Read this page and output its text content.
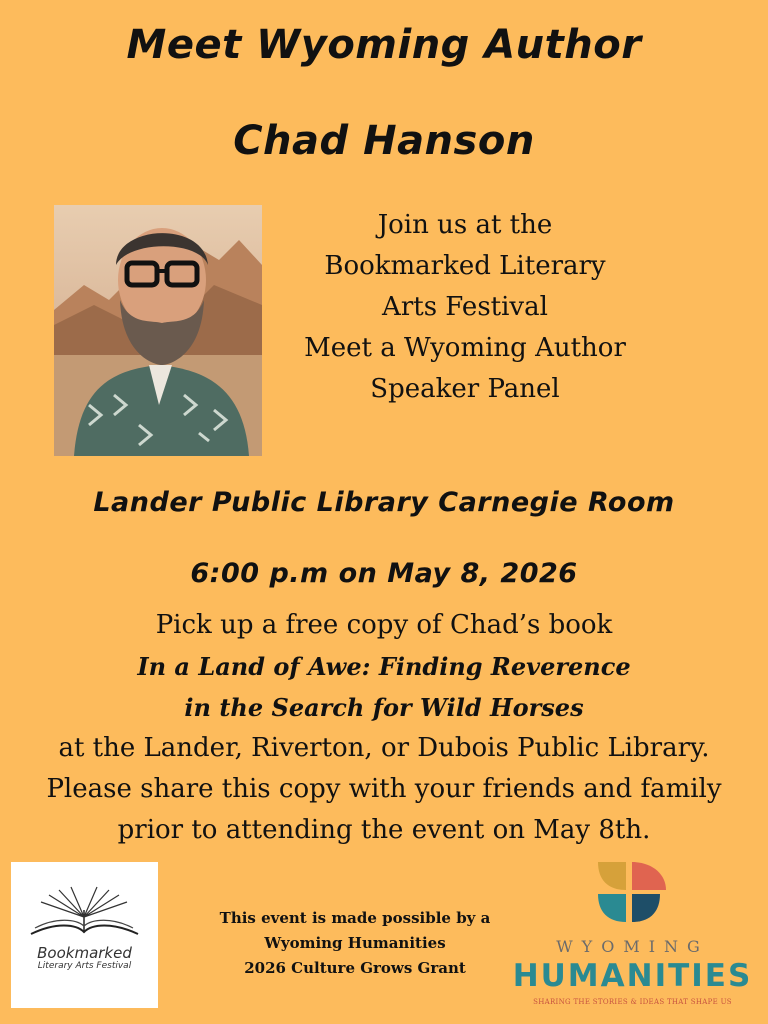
Meet Wyoming Author
Chad Hanson
Join us at the
Bookmarked Literary
Arts Festival
Meet a Wyoming Author
Speaker Panel
Lander Public Library Carnegie Room
6:00 p.m on May 8, 2026
Pick up a free copy of Chad’s book
In a Land of Awe: Finding Reverence
in the Search for Wild Horses
at the Lander, Riverton, or Dubois Public Library.
Please share this copy with your friends and family
prior to attending the event on May 8th.
Bookmarked
Literary Arts Festival
This event is made possible by a
Wyoming Humanities
2026 Culture Grows Grant
WYOMING
HUMANITIES
SHARING THE STORIES & IDEAS THAT SHAPE US
